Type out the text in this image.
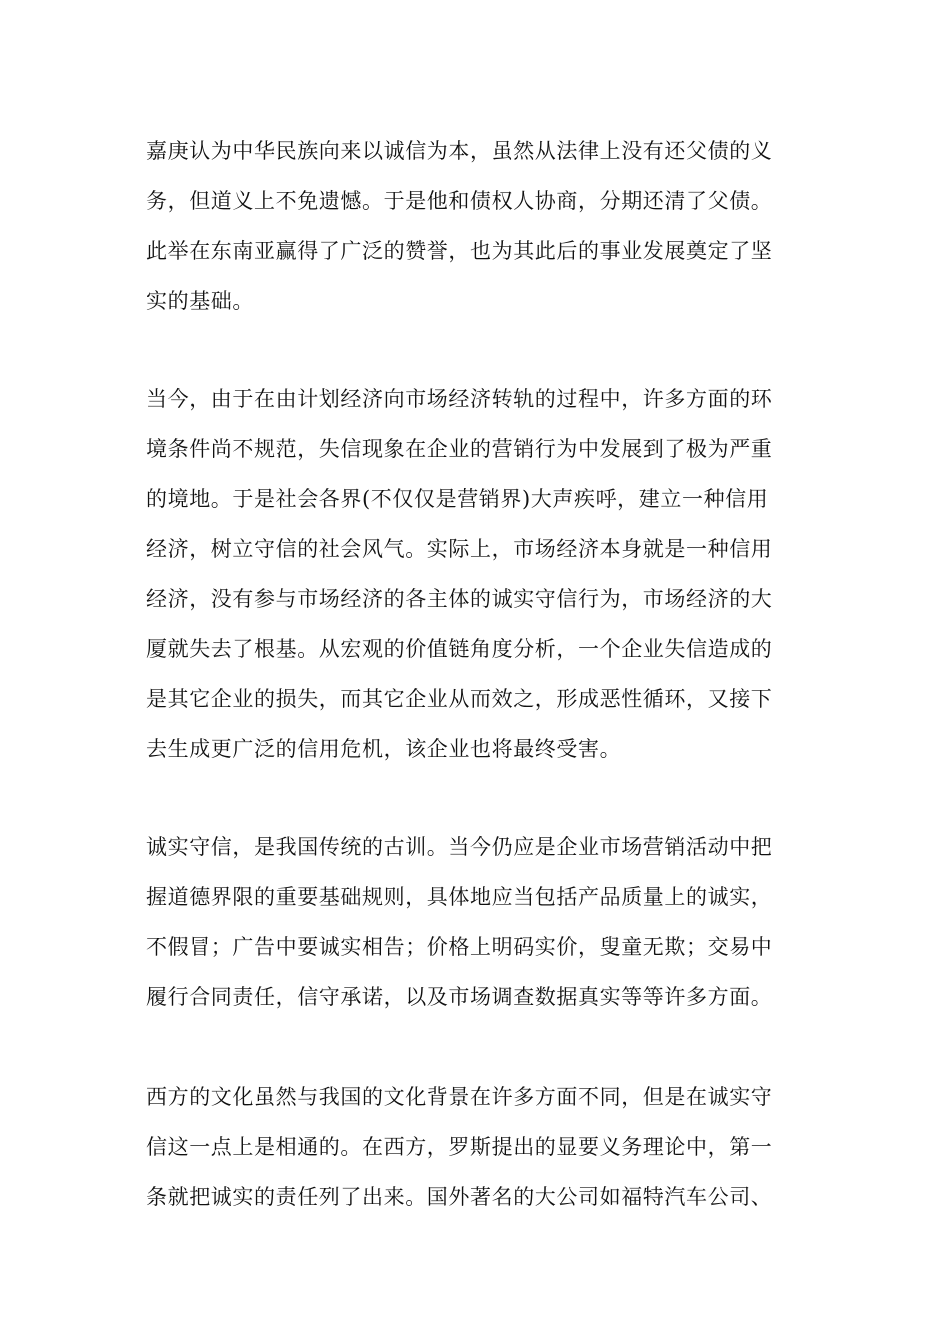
嘉庚认为中华民族向来以诚信为本，虽然从法律上没有还父债的义
务，但道义上不免遗憾。于是他和债权人协商，分期还清了父债。
此举在东南亚赢得了广泛的赞誉，也为其此后的事业发展奠定了坚
实的基础。

当今，由于在由计划经济向市场经济转轨的过程中，许多方面的环
境条件尚不规范，失信现象在企业的营销行为中发展到了极为严重
的境地。于是社会各界(不仅仅是营销界)大声疾呼，建立一种信用
经济，树立守信的社会风气。实际上，市场经济本身就是一种信用
经济，没有参与市场经济的各主体的诚实守信行为，市场经济的大
厦就失去了根基。从宏观的价值链角度分析，一个企业失信造成的
是其它企业的损失，而其它企业从而效之，形成恶性循环，又接下
去生成更广泛的信用危机，该企业也将最终受害。

诚实守信，是我国传统的古训。当今仍应是企业市场营销活动中把
握道德界限的重要基础规则，具体地应当包括产品质量上的诚实，
不假冒；广告中要诚实相告；价格上明码实价，叟童无欺；交易中
履行合同责任，信守承诺，以及市场调查数据真实等等许多方面。

西方的文化虽然与我国的文化背景在许多方面不同，但是在诚实守
信这一点上是相通的。在西方，罗斯提出的显要义务理论中，第一
条就把诚实的责任列了出来。国外著名的大公司如福特汽车公司、
